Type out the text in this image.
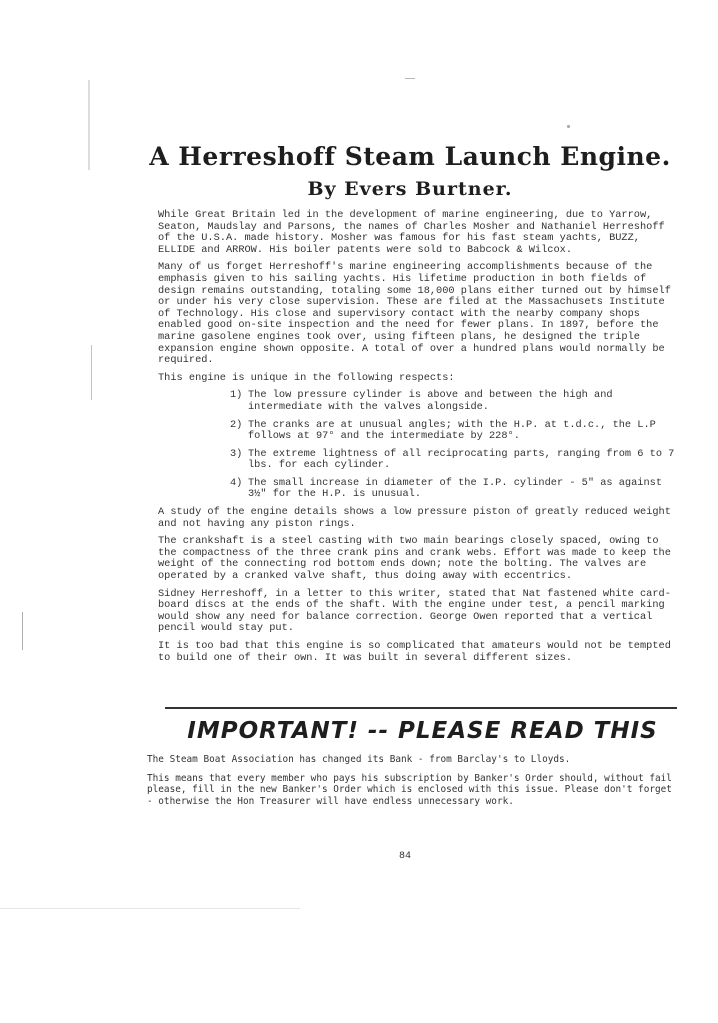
A Herreshoff Steam Launch Engine.
By Evers Burtner.

While Great Britain led in the development of marine engineering, due to Yarrow, Seaton, Maudslay and Parsons, the names of Charles Mosher and Nathaniel Herreshoff of the U.S.A. made history. Mosher was famous for his fast steam yachts, BUZZ, ELLIDE and ARROW. His boiler patents were sold to Babcock & Wilcox.

Many of us forget Herreshoff's marine engineering accomplishments because of the emphasis given to his sailing yachts. His lifetime production in both fields of design remains outstanding, totaling some 18,000 plans either turned out by himself or under his very close supervision. These are filed at the Massachusets Institute of Technology. His close and supervisory contact with the nearby company shops enabled good on-site inspection and the need for fewer plans. In 1897, before the marine gasolene engines took over, using fifteen plans, he designed the triple expansion engine shown opposite. A total of over a hundred plans would normally be required.

This engine is unique in the following respects:

1) The low pressure cylinder is above and between the high and intermediate with the valves alongside.
2) The cranks are at unusual angles; with the H.P. at t.d.c., the L.P follows at 97° and the intermediate by 228°.
3) The extreme lightness of all reciprocating parts, ranging from 6 to 7 lbs. for each cylinder.
4) The small increase in diameter of the I.P. cylinder - 5" as against 3½" for the H.P. is unusual.

A study of the engine details shows a low pressure piston of greatly reduced weight and not having any piston rings.

The crankshaft is a steel casting with two main bearings closely spaced, owing to the compactness of the three crank pins and crank webs. Effort was made to keep the weight of the connecting rod bottom ends down; note the bolting. The valves are operated by a cranked valve shaft, thus doing away with eccentrics.

Sidney Herreshoff, in a letter to this writer, stated that Nat fastened white card-board discs at the ends of the shaft. With the engine under test, a pencil marking would show any need for balance correction. George Owen reported that a vertical pencil would stay put.

It is too bad that this engine is so complicated that amateurs would not be tempted to build one of their own. It was built in several different sizes.

IMPORTANT! -- PLEASE READ THIS

The Steam Boat Association has changed its Bank - from Barclay's to Lloyds.

This means that every member who pays his subscription by Banker's Order should, without fail please, fill in the new Banker's Order which is enclosed with this issue. Please don't forget - otherwise the Hon Treasurer will have endless unnecessary work.

84
